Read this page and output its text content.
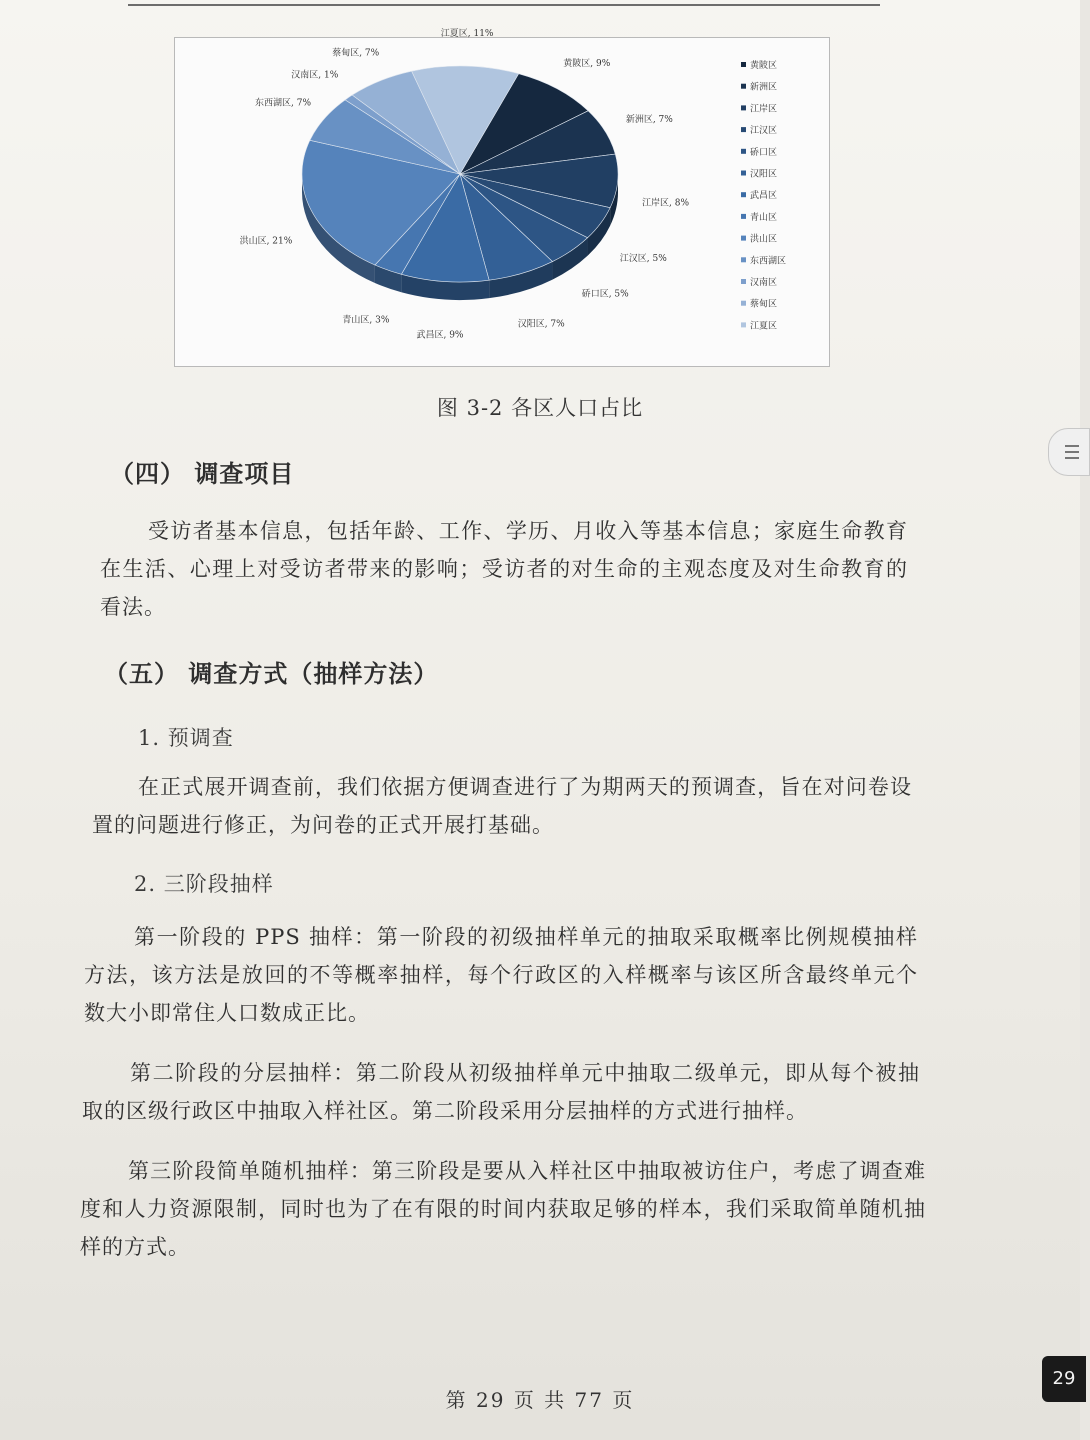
黄陂区, 9%
新洲区, 7%
江岸区, 8%
江汉区, 5%
硚口区, 5%
汉阳区, 7%
武昌区, 9%
青山区, 3%
洪山区, 21%
东西湖区, 7%
汉南区, 1%
蔡甸区, 7%
江夏区, 11%
黄陂区
新洲区
江岸区
江汉区
硚口区
汉阳区
武昌区
青山区
洪山区
东西湖区
汉南区
蔡甸区
江夏区
图 3-2 各区人口占比
（四） 调查项目
受访者基本信息，包括年龄、工作、学历、月收入等基本信息；家庭生命教育在生活、心理上对受访者带来的影响；受访者的对生命的主观态度及对生命教育的看法。
（五） 调查方式（抽样方法）
1. 预调查
在正式展开调查前，我们依据方便调查进行了为期两天的预调查，旨在对问卷设置的问题进行修正，为问卷的正式开展打基础。
2. 三阶段抽样
第一阶段的 PPS 抽样：第一阶段的初级抽样单元的抽取采取概率比例规模抽样方法，该方法是放回的不等概率抽样，每个行政区的入样概率与该区所含最终单元个数大小即常住人口数成正比。
第二阶段的分层抽样：第二阶段从初级抽样单元中抽取二级单元，即从每个被抽取的区级行政区中抽取入样社区。第二阶段采用分层抽样的方式进行抽样。
第三阶段简单随机抽样：第三阶段是要从入样社区中抽取被访住户，考虑了调查难度和人力资源限制，同时也为了在有限的时间内获取足够的样本，我们采取简单随机抽样的方式。
第 29 页 共 77 页
29
